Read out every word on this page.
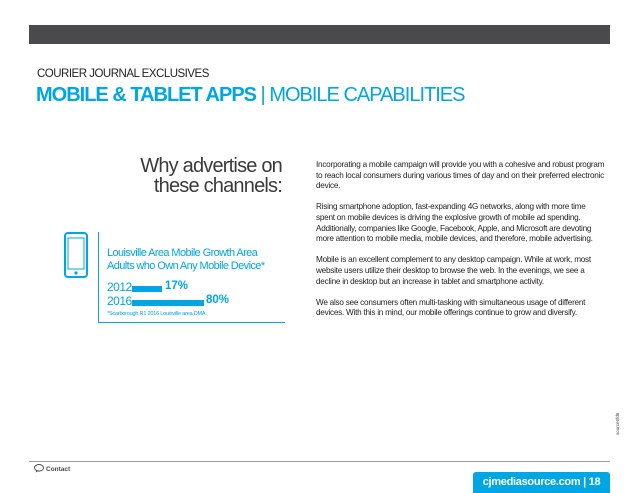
COURIER JOURNAL EXCLUSIVES
MOBILE & TABLET APPS | MOBILE CAPABILITIES
Why advertise on
these channels:
Louisville Area Mobile Growth Area
Adults who Own Any Mobile Device*
2012	17%
2016	80%
*Scarborough R1 2016 Louisville area DMA

Incorporating a mobile campaign will provide you with a cohesive and robust program to reach local consumers during various times of day and on their preferred electronic device.

Rising smartphone adoption, fast-expanding 4G networks, along with more time spent on mobile devices is driving the explosive growth of mobile ad spending. Additionally, companies like Google, Facebook, Apple, and Microsoft are devoting more attention to mobile media, mobile devices, and therefore, mobile advertising.

Mobile is an excellent complement to any desktop campaign. While at work, most website users utilize their desktop to browse the web. In the evenings, we see a decline in desktop but an increase in tablet and smartphone activity.

We also see consumers often multi-tasking with simultaneous usage of different devices. With this in mind, our mobile offerings continue to grow and diversify.

Contact
cjmediasource.com | 18
source6fd6
